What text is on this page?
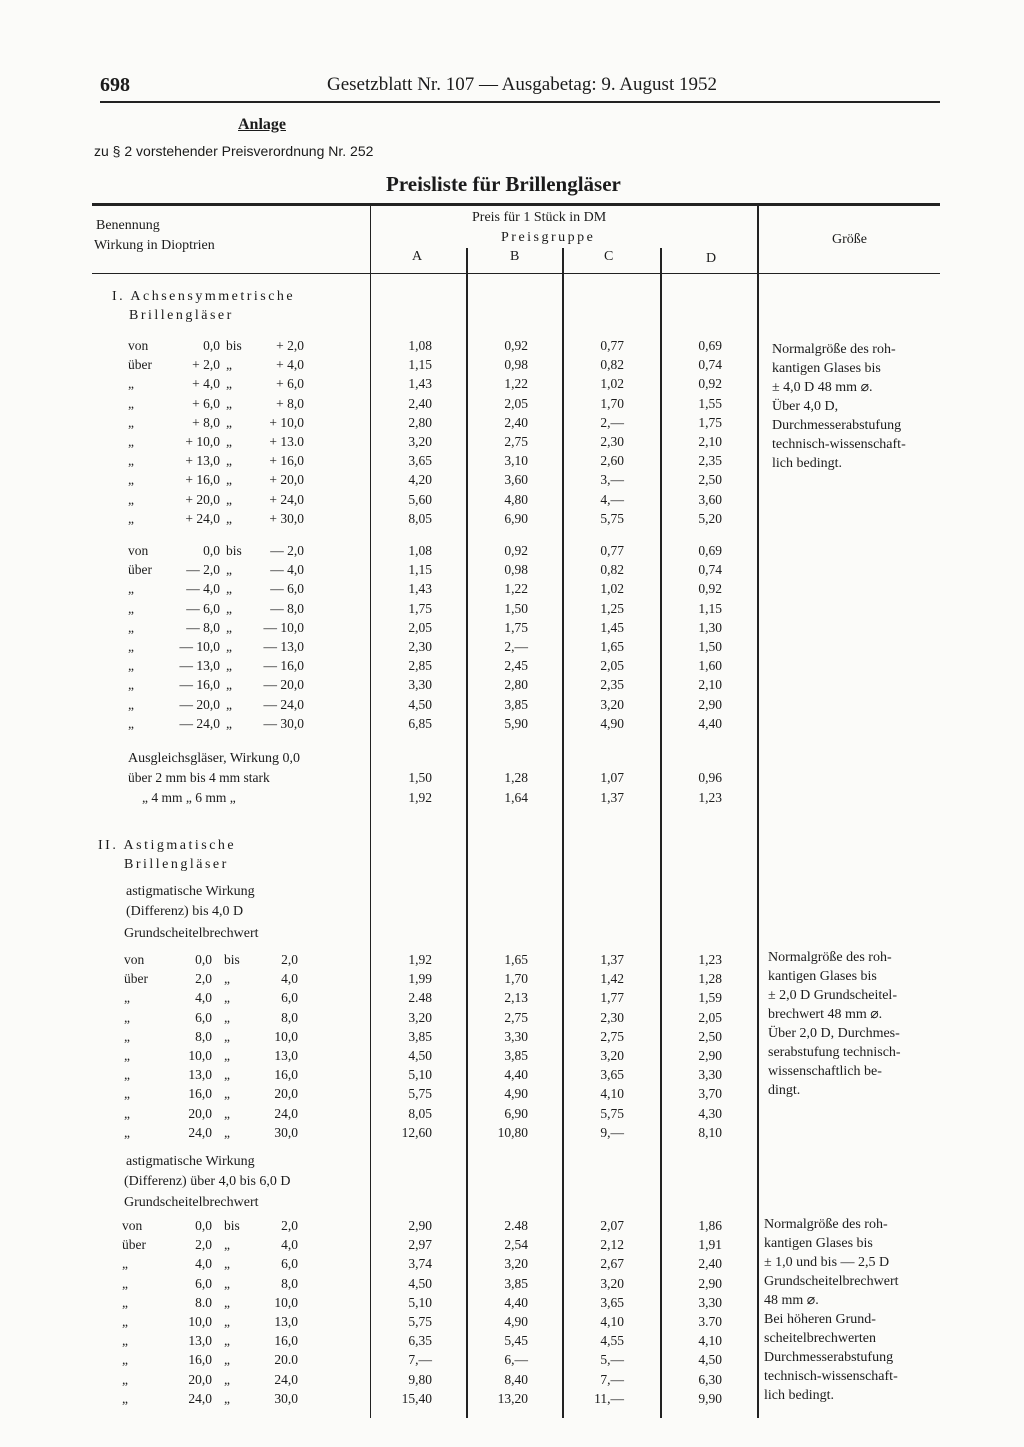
698	Gesetzblatt Nr. 107 — Ausgabetag: 9. August 1952
Anlage
zu § 2 vorstehender Preisverordnung Nr. 252
Preisliste für Brillengläser
Benennung
Wirkung in Dioptrien
Preis für 1 Stück in DM
Preisgruppe
A	B	C	D
Größe
I. Achsensymmetrische
Brillengläser
von	0,0 bis	+ 2,0	1,08	0,92	0,77	0,69
über	+ 2,0 „	+ 4,0	1,15	0,98	0,82	0,74
„	+ 4,0 „	+ 6,0	1,43	1,22	1,02	0,92
„	+ 6,0 „	+ 8,0	2,40	2,05	1,70	1,55
„	+ 8,0 „	+ 10,0	2,80	2,40	2,—	1,75
„	+ 10,0 „	+ 13.0	3,20	2,75	2,30	2,10
„	+ 13,0 „	+ 16,0	3,65	3,10	2,60	2,35
„	+ 16,0 „	+ 20,0	4,20	3,60	3,—	2,50
„	+ 20,0 „	+ 24,0	5,60	4,80	4,—	3,60
„	+ 24,0 „	+ 30,0	8,05	6,90	5,75	5,20
von	0,0 bis	— 2,0	1,08	0,92	0,77	0,69
über	— 2,0 „	— 4,0	1,15	0,98	0,82	0,74
„	— 4,0 „	— 6,0	1,43	1,22	1,02	0,92
„	— 6,0 „	— 8,0	1,75	1,50	1,25	1,15
„	— 8,0 „	— 10,0	2,05	1,75	1,45	1,30
„	— 10,0 „	— 13,0	2,30	2,—	1,65	1,50
„	— 13,0 „	— 16,0	2,85	2,45	2,05	1,60
„	— 16,0 „	— 20,0	3,30	2,80	2,35	2,10
„	— 20,0 „	— 24,0	4,50	3,85	3,20	2,90
„	— 24,0 „	— 30,0	6,85	5,90	4,90	4,40
Ausgleichsgläser, Wirkung 0,0
über 2 mm bis 4 mm stark	1,50	1,28	1,07	0,96
„ 4 mm „ 6 mm „	1,92	1,64	1,37	1,23
Normalgröße des roh-
kantigen Glases bis
± 4,0 D 48 mm ⌀.
Über 4,0 D,
Durchmesserabstufung
technisch-wissenschaft-
lich bedingt.
II. Astigmatische
Brillengläser
astigmatische Wirkung
(Differenz) bis 4,0 D
Grundscheitelbrechwert
von	0,0 bis	2,0	1,92	1,65	1,37	1,23
über	2,0 „	4,0	1,99	1,70	1,42	1,28
„	4,0 „	6,0	2.48	2,13	1,77	1,59
„	6,0 „	8,0	3,20	2,75	2,30	2,05
„	8,0 „	10,0	3,85	3,30	2,75	2,50
„	10,0 „	13,0	4,50	3,85	3,20	2,90
„	13,0 „	16,0	5,10	4,40	3,65	3,30
„	16,0 „	20,0	5,75	4,90	4,10	3,70
„	20,0 „	24,0	8,05	6,90	5,75	4,30
„	24,0 „	30,0	12,60	10,80	9,—	8,10
Normalgröße des roh-
kantigen Glases bis
± 2,0 D Grundscheitel-
brechwert 48 mm ⌀.
Über 2,0 D, Durchmes-
serabstufung technisch-
wissenschaftlich be-
dingt.
astigmatische Wirkung
(Differenz) über 4,0 bis 6,0 D
Grundscheitelbrechwert
von	0,0 bis	2,0	2,90	2.48	2,07	1,86
über	2,0 „	4,0	2,97	2,54	2,12	1,91
„	4,0 „	6,0	3,74	3,20	2,67	2,40
„	6,0 „	8,0	4,50	3,85	3,20	2,90
„	8.0 „	10,0	5,10	4,40	3,65	3,30
„	10,0 „	13,0	5,75	4,90	4,10	3.70
„	13,0 „	16,0	6,35	5,45	4,55	4,10
„	16,0 „	20.0	7,—	6,—	5,—	4,50
„	20,0 „	24,0	9,80	8,40	7,—	6,30
„	24,0 „	30,0	15,40	13,20	11,—	9,90
Normalgröße des roh-
kantigen Glases bis
± 1,0 und bis — 2,5 D
Grundscheitelbrechwert
48 mm ⌀.
Bei höheren Grund-
scheitelbrechwerten
Durchmesserabstufung
technisch-wissenschaft-
lich bedingt.
